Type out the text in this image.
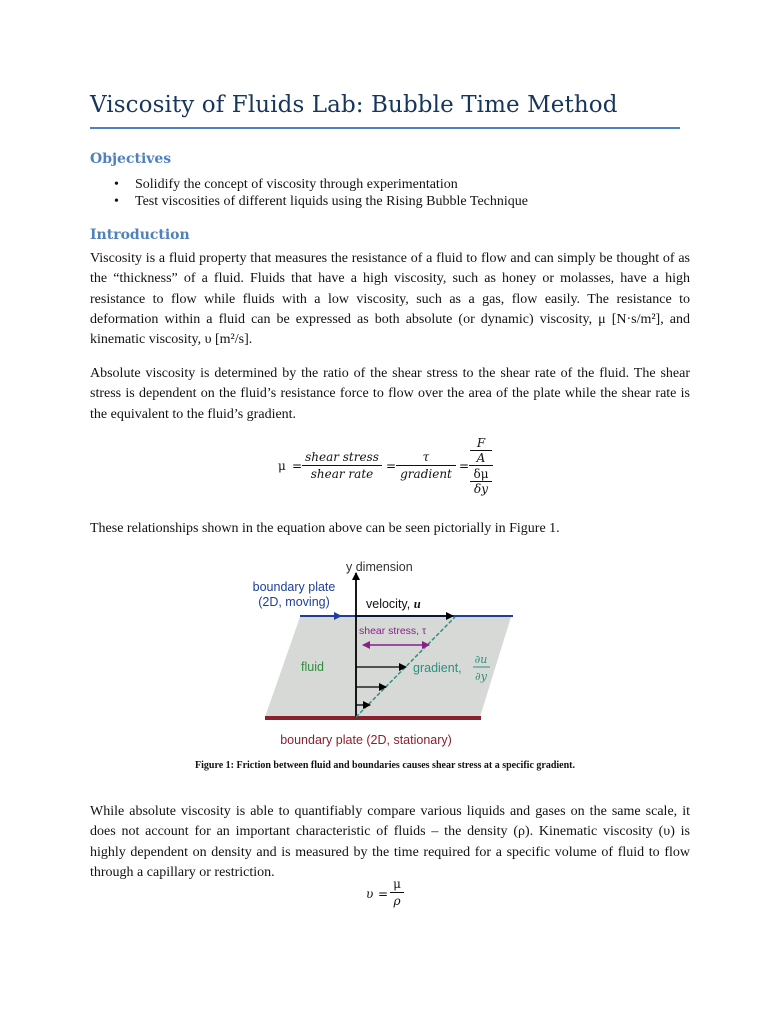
Viscosity of Fluids Lab: Bubble Time Method
Objectives
• Solidify the concept of viscosity through experimentation
• Test viscosities of different liquids using the Rising Bubble Technique
Introduction
Viscosity is a fluid property that measures the resistance of a fluid to flow and can simply be thought of as the “thickness” of a fluid. Fluids that have a high viscosity, such as honey or molasses, have a high resistance to flow while fluids with a low viscosity, such as a gas, flow easily. The resistance to deformation within a fluid can be expressed as both absolute (or dynamic) viscosity, μ [N·s/m²], and kinematic viscosity, υ [m²/s].
Absolute viscosity is determined by the ratio of the shear stress to the shear rate of the fluid. The shear stress is dependent on the fluid’s resistance force to flow over the area of the plate while the shear rate is the equivalent to the fluid’s gradient.
μ =
shear stress
shear rate
=
τ
gradient
= F
A
δμ
δy
These relationships shown in the equation above can be seen pictorially in Figure 1.
y dimension
boundary plate
(2D, moving)	velocity, u
shear stress, τ
fluid	gradient,
∂u
∂y
boundary plate (2D, stationary)
Figure 1: Friction between fluid and boundaries causes shear stress at a specific gradient.
While absolute viscosity is able to quantifiably compare various liquids and gases on the same scale, it does not account for an important characteristic of fluids – the density (ρ). Kinematic viscosity (υ) is highly dependent on density and is measured by the time required for a specific volume of fluid to flow through a capillary or restriction.
$\upsilon = \frac{\mu}{\rho}$
